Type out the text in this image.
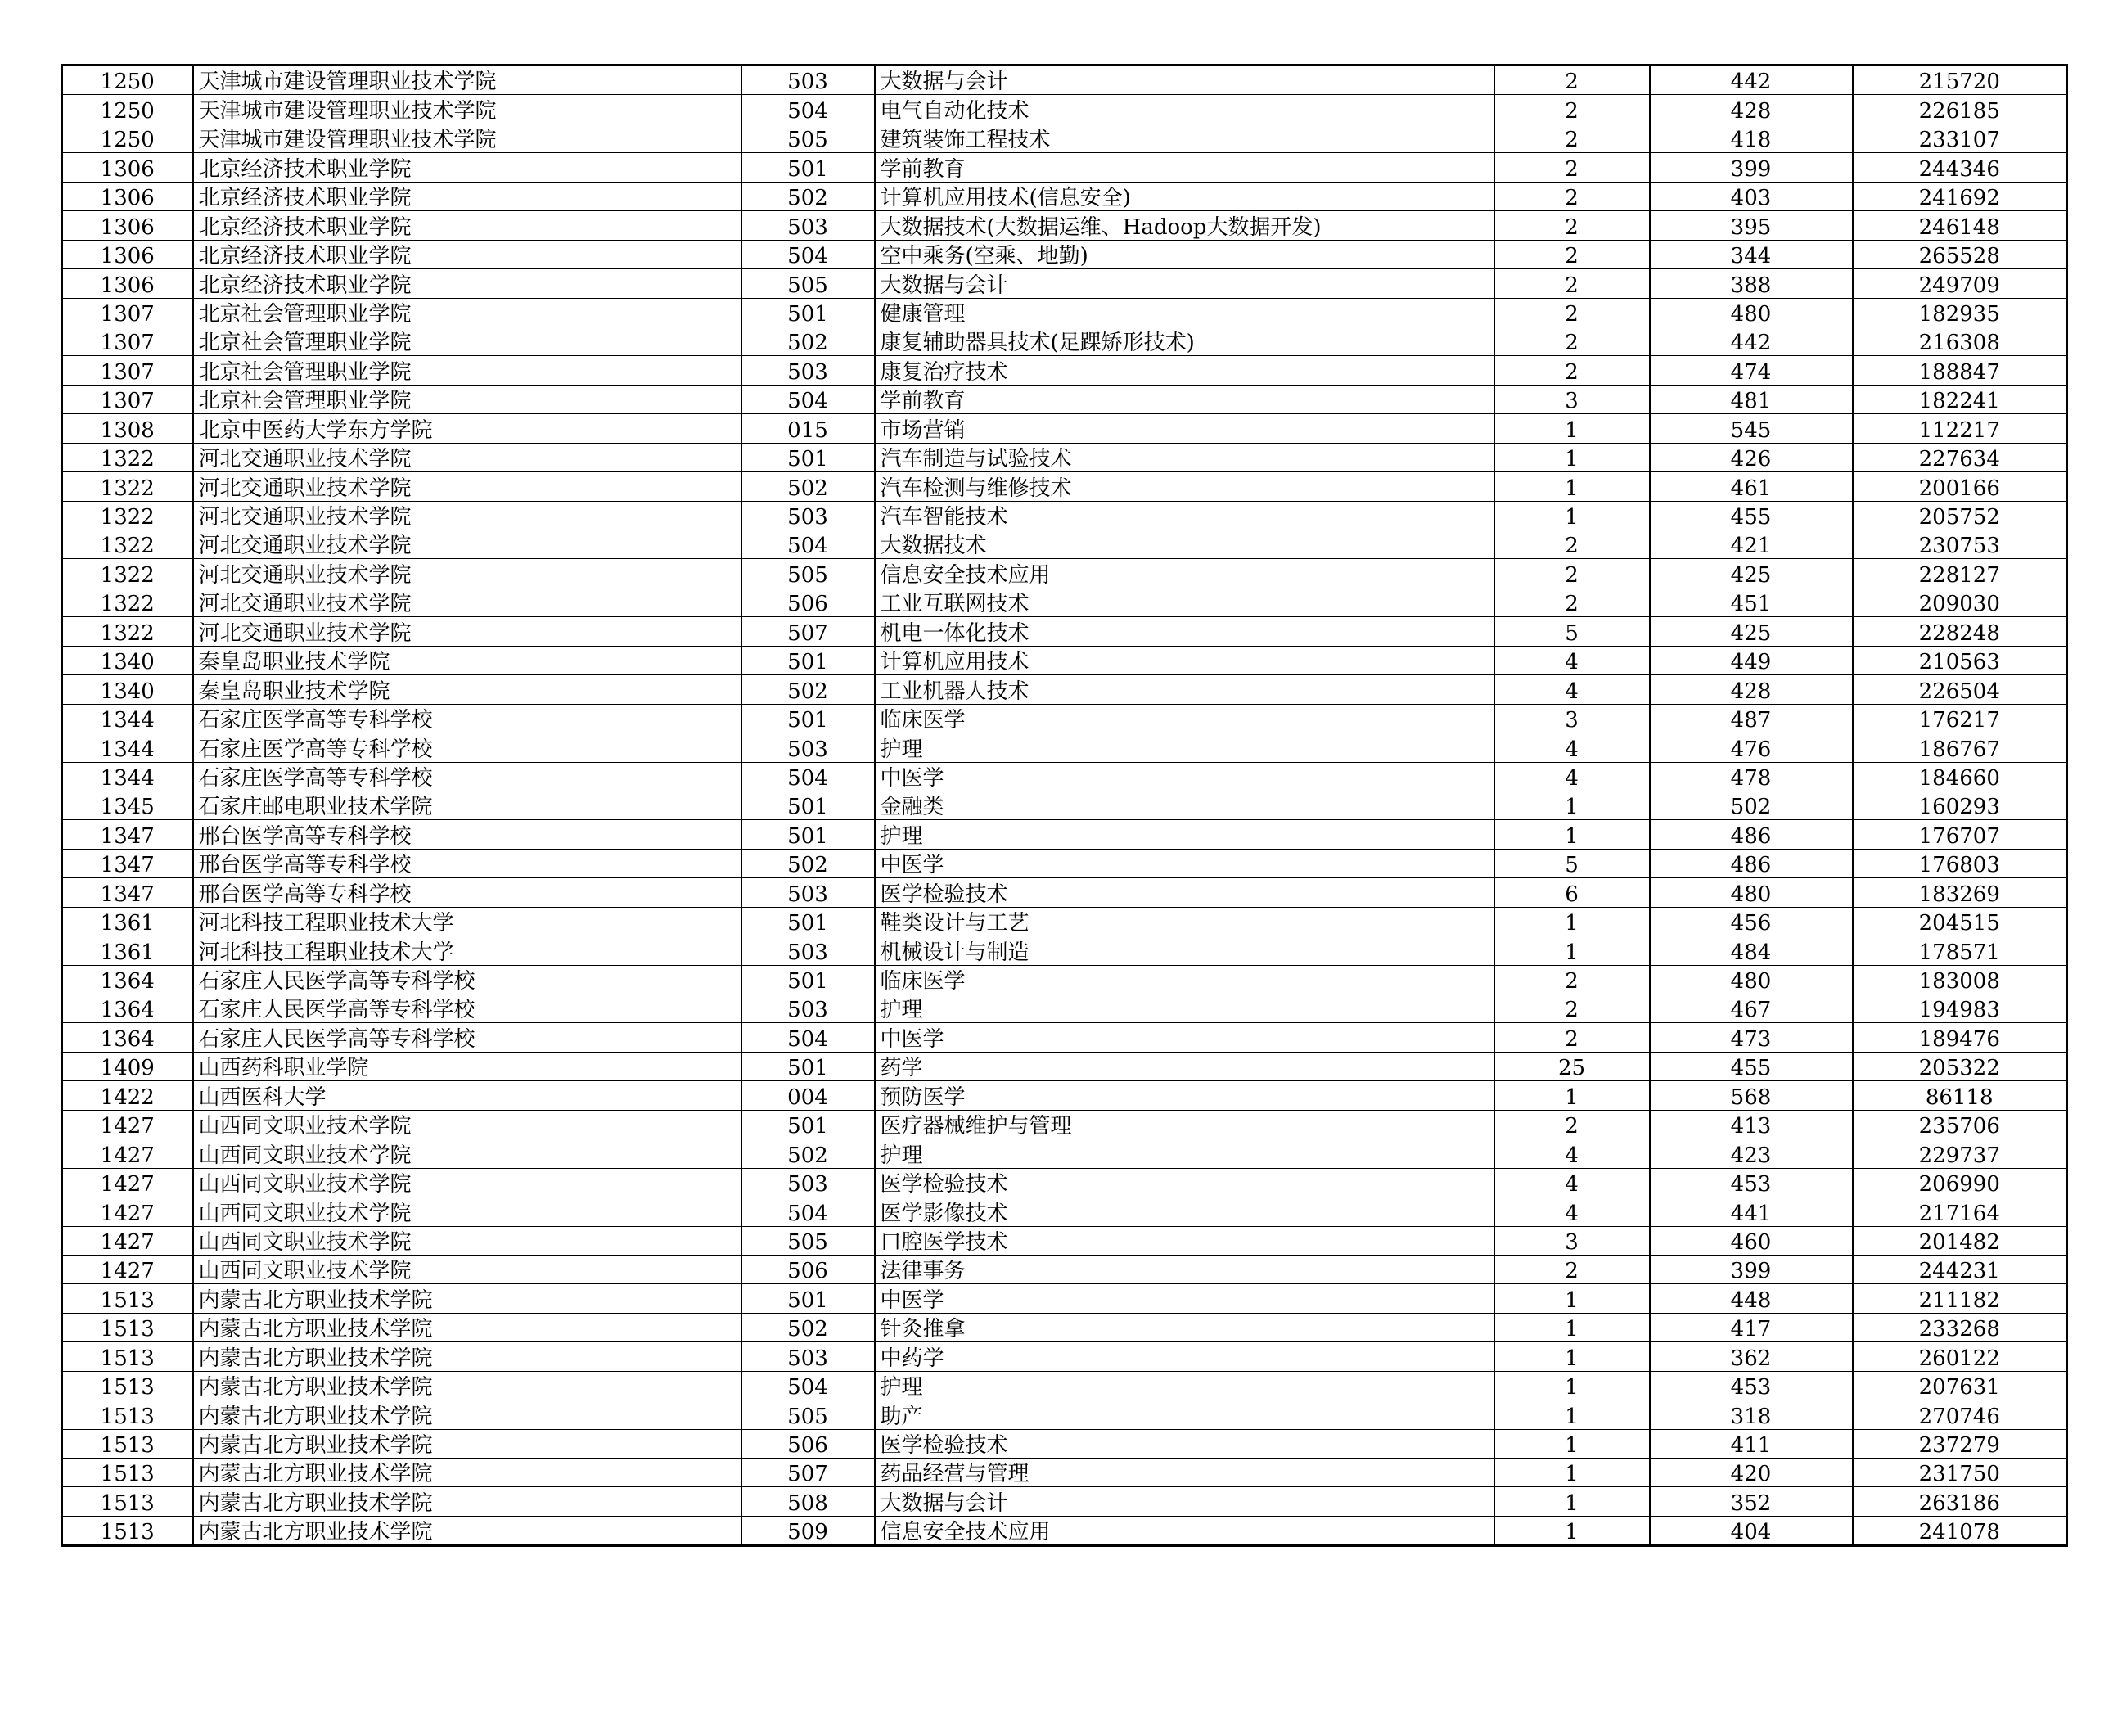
1250	天津城市建设管理职业技术学院	503	大数据与会计	2	442	215720
1250	天津城市建设管理职业技术学院	504	电气自动化技术	2	428	226185
1250	天津城市建设管理职业技术学院	505	建筑装饰工程技术	2	418	233107
1306	北京经济技术职业学院	501	学前教育	2	399	244346
1306	北京经济技术职业学院	502	计算机应用技术(信息安全)	2	403	241692
1306	北京经济技术职业学院	503	大数据技术(大数据运维、Hadoop大数据开发)	2	395	246148
1306	北京经济技术职业学院	504	空中乘务(空乘、地勤)	2	344	265528
1306	北京经济技术职业学院	505	大数据与会计	2	388	249709
1307	北京社会管理职业学院	501	健康管理	2	480	182935
1307	北京社会管理职业学院	502	康复辅助器具技术(足踝矫形技术)	2	442	216308
1307	北京社会管理职业学院	503	康复治疗技术	2	474	188847
1307	北京社会管理职业学院	504	学前教育	3	481	182241
1308	北京中医药大学东方学院	015	市场营销	1	545	112217
1322	河北交通职业技术学院	501	汽车制造与试验技术	1	426	227634
1322	河北交通职业技术学院	502	汽车检测与维修技术	1	461	200166
1322	河北交通职业技术学院	503	汽车智能技术	1	455	205752
1322	河北交通职业技术学院	504	大数据技术	2	421	230753
1322	河北交通职业技术学院	505	信息安全技术应用	2	425	228127
1322	河北交通职业技术学院	506	工业互联网技术	2	451	209030
1322	河北交通职业技术学院	507	机电一体化技术	5	425	228248
1340	秦皇岛职业技术学院	501	计算机应用技术	4	449	210563
1340	秦皇岛职业技术学院	502	工业机器人技术	4	428	226504
1344	石家庄医学高等专科学校	501	临床医学	3	487	176217
1344	石家庄医学高等专科学校	503	护理	4	476	186767
1344	石家庄医学高等专科学校	504	中医学	4	478	184660
1345	石家庄邮电职业技术学院	501	金融类	1	502	160293
1347	邢台医学高等专科学校	501	护理	1	486	176707
1347	邢台医学高等专科学校	502	中医学	5	486	176803
1347	邢台医学高等专科学校	503	医学检验技术	6	480	183269
1361	河北科技工程职业技术大学	501	鞋类设计与工艺	1	456	204515
1361	河北科技工程职业技术大学	503	机械设计与制造	1	484	178571
1364	石家庄人民医学高等专科学校	501	临床医学	2	480	183008
1364	石家庄人民医学高等专科学校	503	护理	2	467	194983
1364	石家庄人民医学高等专科学校	504	中医学	2	473	189476
1409	山西药科职业学院	501	药学	25	455	205322
1422	山西医科大学	004	预防医学	1	568	86118
1427	山西同文职业技术学院	501	医疗器械维护与管理	2	413	235706
1427	山西同文职业技术学院	502	护理	4	423	229737
1427	山西同文职业技术学院	503	医学检验技术	4	453	206990
1427	山西同文职业技术学院	504	医学影像技术	4	441	217164
1427	山西同文职业技术学院	505	口腔医学技术	3	460	201482
1427	山西同文职业技术学院	506	法律事务	2	399	244231
1513	内蒙古北方职业技术学院	501	中医学	1	448	211182
1513	内蒙古北方职业技术学院	502	针灸推拿	1	417	233268
1513	内蒙古北方职业技术学院	503	中药学	1	362	260122
1513	内蒙古北方职业技术学院	504	护理	1	453	207631
1513	内蒙古北方职业技术学院	505	助产	1	318	270746
1513	内蒙古北方职业技术学院	506	医学检验技术	1	411	237279
1513	内蒙古北方职业技术学院	507	药品经营与管理	1	420	231750
1513	内蒙古北方职业技术学院	508	大数据与会计	1	352	263186
1513	内蒙古北方职业技术学院	509	信息安全技术应用	1	404	241078
